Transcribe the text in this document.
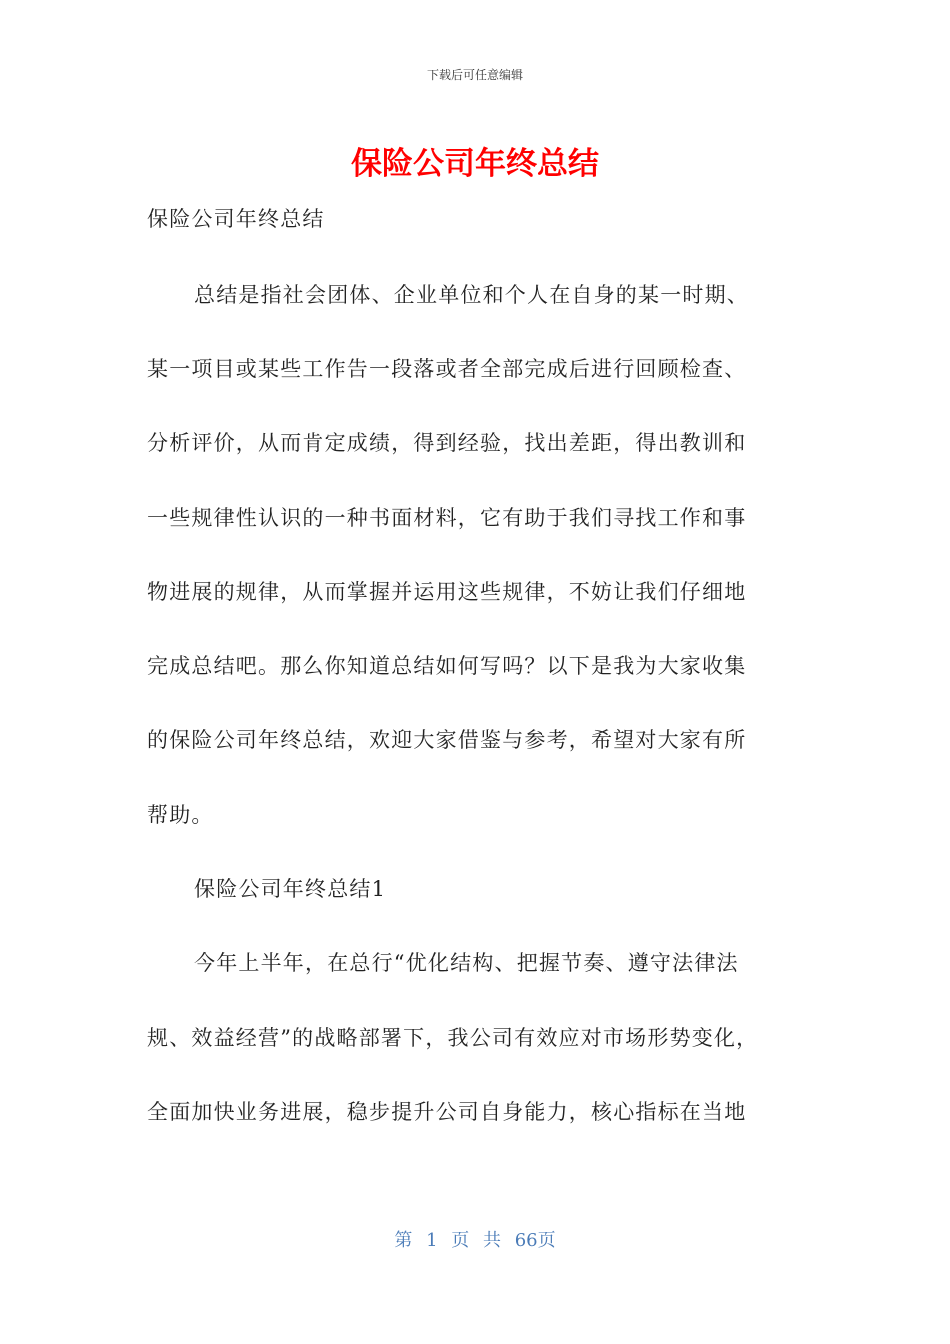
下载后可任意编辑
保险公司年终总结
保险公司年终总结
总结是指社会团体、企业单位和个人在自身的某一时期、
某一项目或某些工作告一段落或者全部完成后进行回顾检查、
分析评价，从而肯定成绩，得到经验，找出差距，得出教训和
一些规律性认识的一种书面材料，它有助于我们寻找工作和事
物进展的规律，从而掌握并运用这些规律，不妨让我们仔细地
完成总结吧。那么你知道总结如何写吗？以下是我为大家收集
的保险公司年终总结，欢迎大家借鉴与参考，希望对大家有所
帮助。
保险公司年终总结1
今年上半年，在总行“优化结构、把握节奏、遵守法律法
规、效益经营”的战略部署下，我公司有效应对市场形势变化，
全面加快业务进展，稳步提升公司自身能力，核心指标在当地
第 1 页 共 66页
